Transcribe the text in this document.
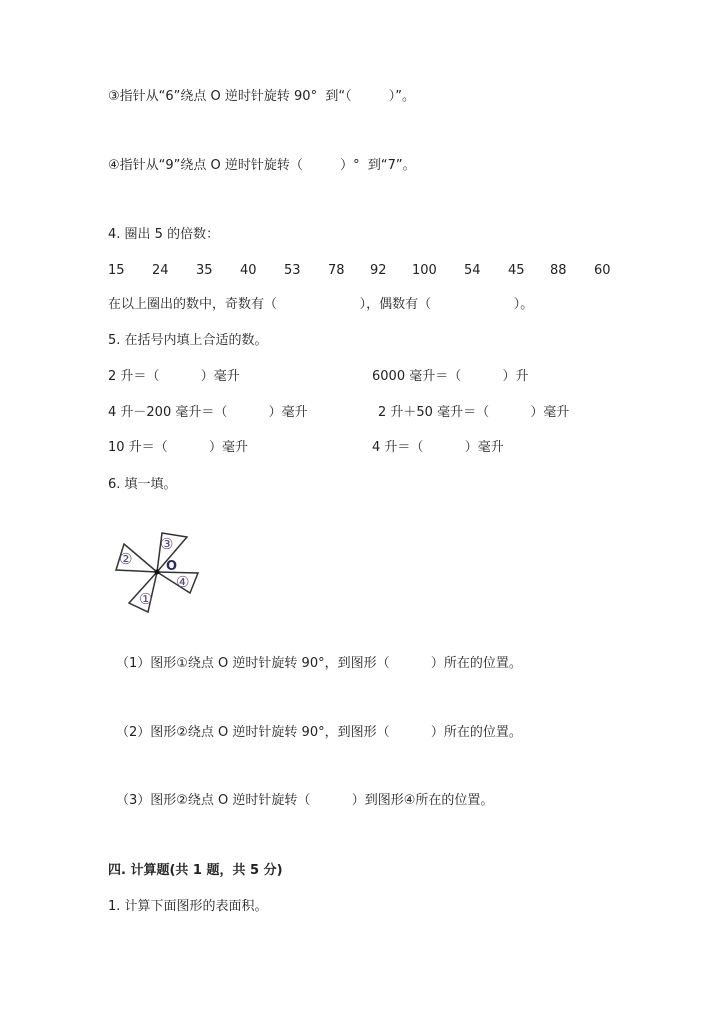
③指针从“6”绕点 O 逆时针旋转 90°  到“（         ）”。
④指针从“9”绕点 O 逆时针旋转（         ）°  到“7”。
4. 圈出 5 的倍数：
15 24 35 40 53 78 92 100 54 45 88 60
在以上圈出的数中，奇数有（                    ），偶数有（                    ）。
5. 在括号内填上合适的数。
2 升＝（          ）毫升	6000 毫升＝（          ）升
4 升－200 毫升＝（          ）毫升	2 升＋50 毫升＝（          ）毫升
10 升＝（          ）毫升	4 升＝（          ）毫升
6. 填一填。
①
②
③
④
O
（1）图形①绕点 O 逆时针旋转 90°，到图形（          ）所在的位置。
（2）图形②绕点 O 逆时针旋转 90°，到图形（          ）所在的位置。
（3）图形②绕点 O 逆时针旋转（          ）到图形④所在的位置。
四. 计算题(共 1 题，共 5 分)
1. 计算下面图形的表面积。
